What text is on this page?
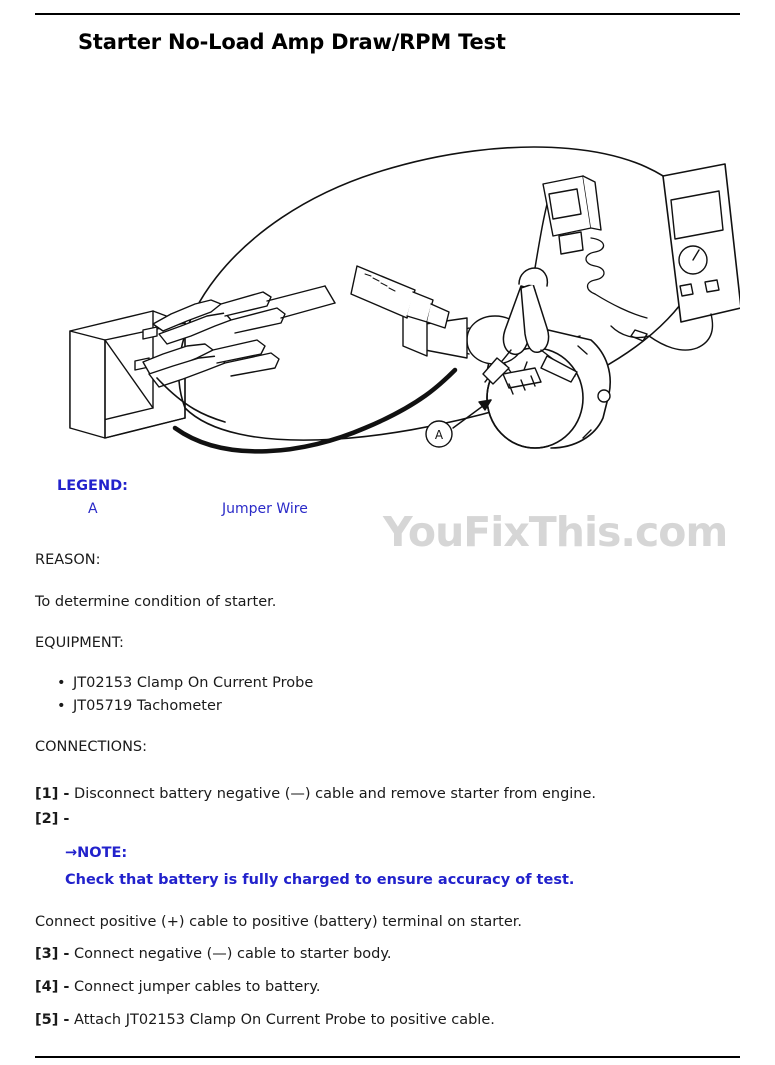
Starter No-Load Amp Draw/RPM Test
A
LEGEND:
A	Jumper Wire YouFixThis.com
REASON:
To determine condition of starter.
EQUIPMENT:
• JT02153 Clamp On Current Probe
• JT05719 Tachometer
CONNECTIONS:
[1] - Disconnect battery negative (—) cable and remove starter from engine.
[2] -
→NOTE:
Check that battery is fully charged to ensure accuracy of test.
Connect positive (+) cable to positive (battery) terminal on starter.
[3] - Connect negative (—) cable to starter body.
[4] - Connect jumper cables to battery.
[5] - Attach JT02153 Clamp On Current Probe to positive cable.
